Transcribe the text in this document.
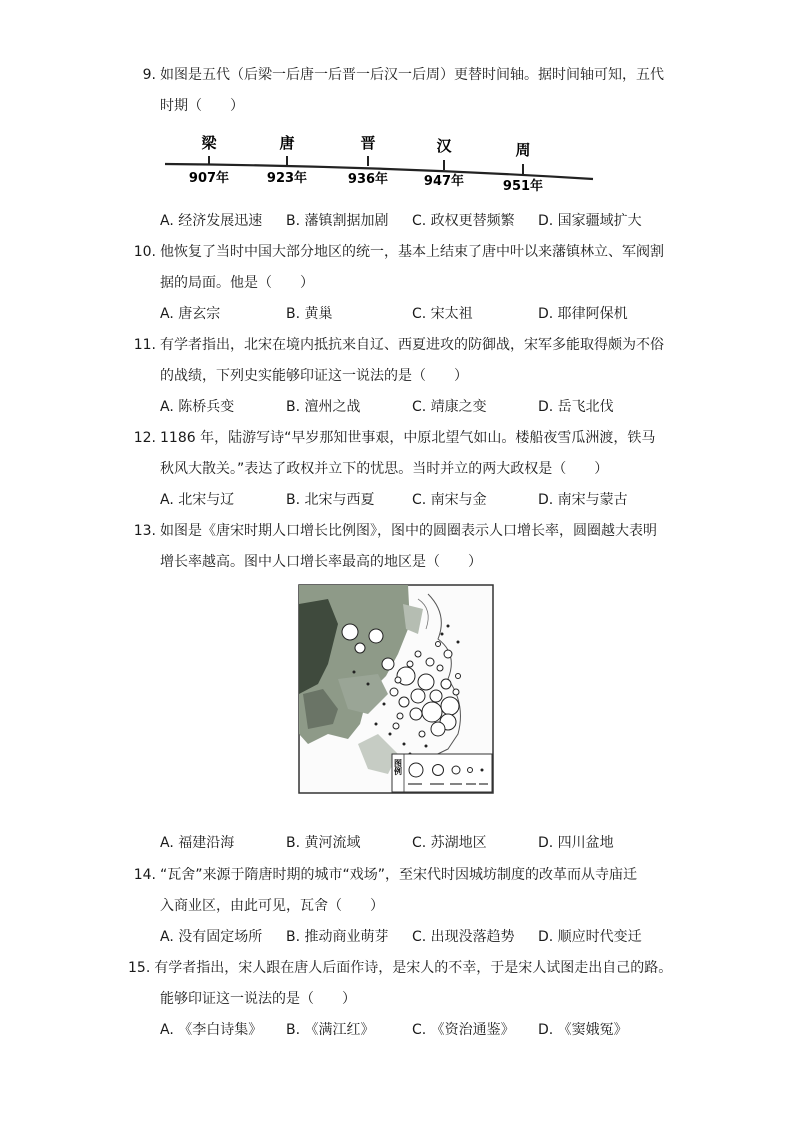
9. 如图是五代（后梁一后唐一后晋一后汉一后周）更替时间轴。据时间轴可知，五代
时期（　　）
梁	唐	晋	汉	周
907年	923年	936年	947年	951年
A. 经济发展迅速	B. 藩镇割据加剧	C. 政权更替频繁	D. 国家疆域扩大
10. 他恢复了当时中国大部分地区的统一，基本上结束了唐中叶以来藩镇林立、军阀割
据的局面。他是（　　）
A. 唐玄宗	B. 黄巢	C. 宋太祖	D. 耶律阿保机
11. 有学者指出，北宋在境内抵抗来自辽、西夏进攻的防御战，宋军多能取得颇为不俗
的战绩，下列史实能够印证这一说法的是（　　）
A. 陈桥兵变	B. 澶州之战	C. 靖康之变	D. 岳飞北伐
12. 1186 年，陆游写诗“早岁那知世事艰，中原北望气如山。楼船夜雪瓜洲渡，铁马
秋风大散关。”表达了政权并立下的忧思。当时并立的两大政权是（　　）
A. 北宋与辽	B. 北宋与西夏	C. 南宋与金	D. 南宋与蒙古
13. 如图是《唐宋时期人口增长比例图》，图中的圆圈表示人口增长率，圆圈越大表明
增长率越高。图中人口增长率最高的地区是（　　）
图例
A. 福建沿海	B. 黄河流域	C. 苏湖地区	D. 四川盆地
14. “瓦舍”来源于隋唐时期的城市“戏场”，至宋代时因城坊制度的改革而从寺庙迁
入商业区，由此可见，瓦舍（　　）
A. 没有固定场所	B. 推动商业萌芽	C. 出现没落趋势	D. 顺应时代变迁
15. 有学者指出，宋人跟在唐人后面作诗，是宋人的不幸，于是宋人试图走出自己的路。
能够印证这一说法的是（　　）
A. 《李白诗集》	B. 《满江红》	C. 《资治通鉴》	D. 《窦娥冤》
